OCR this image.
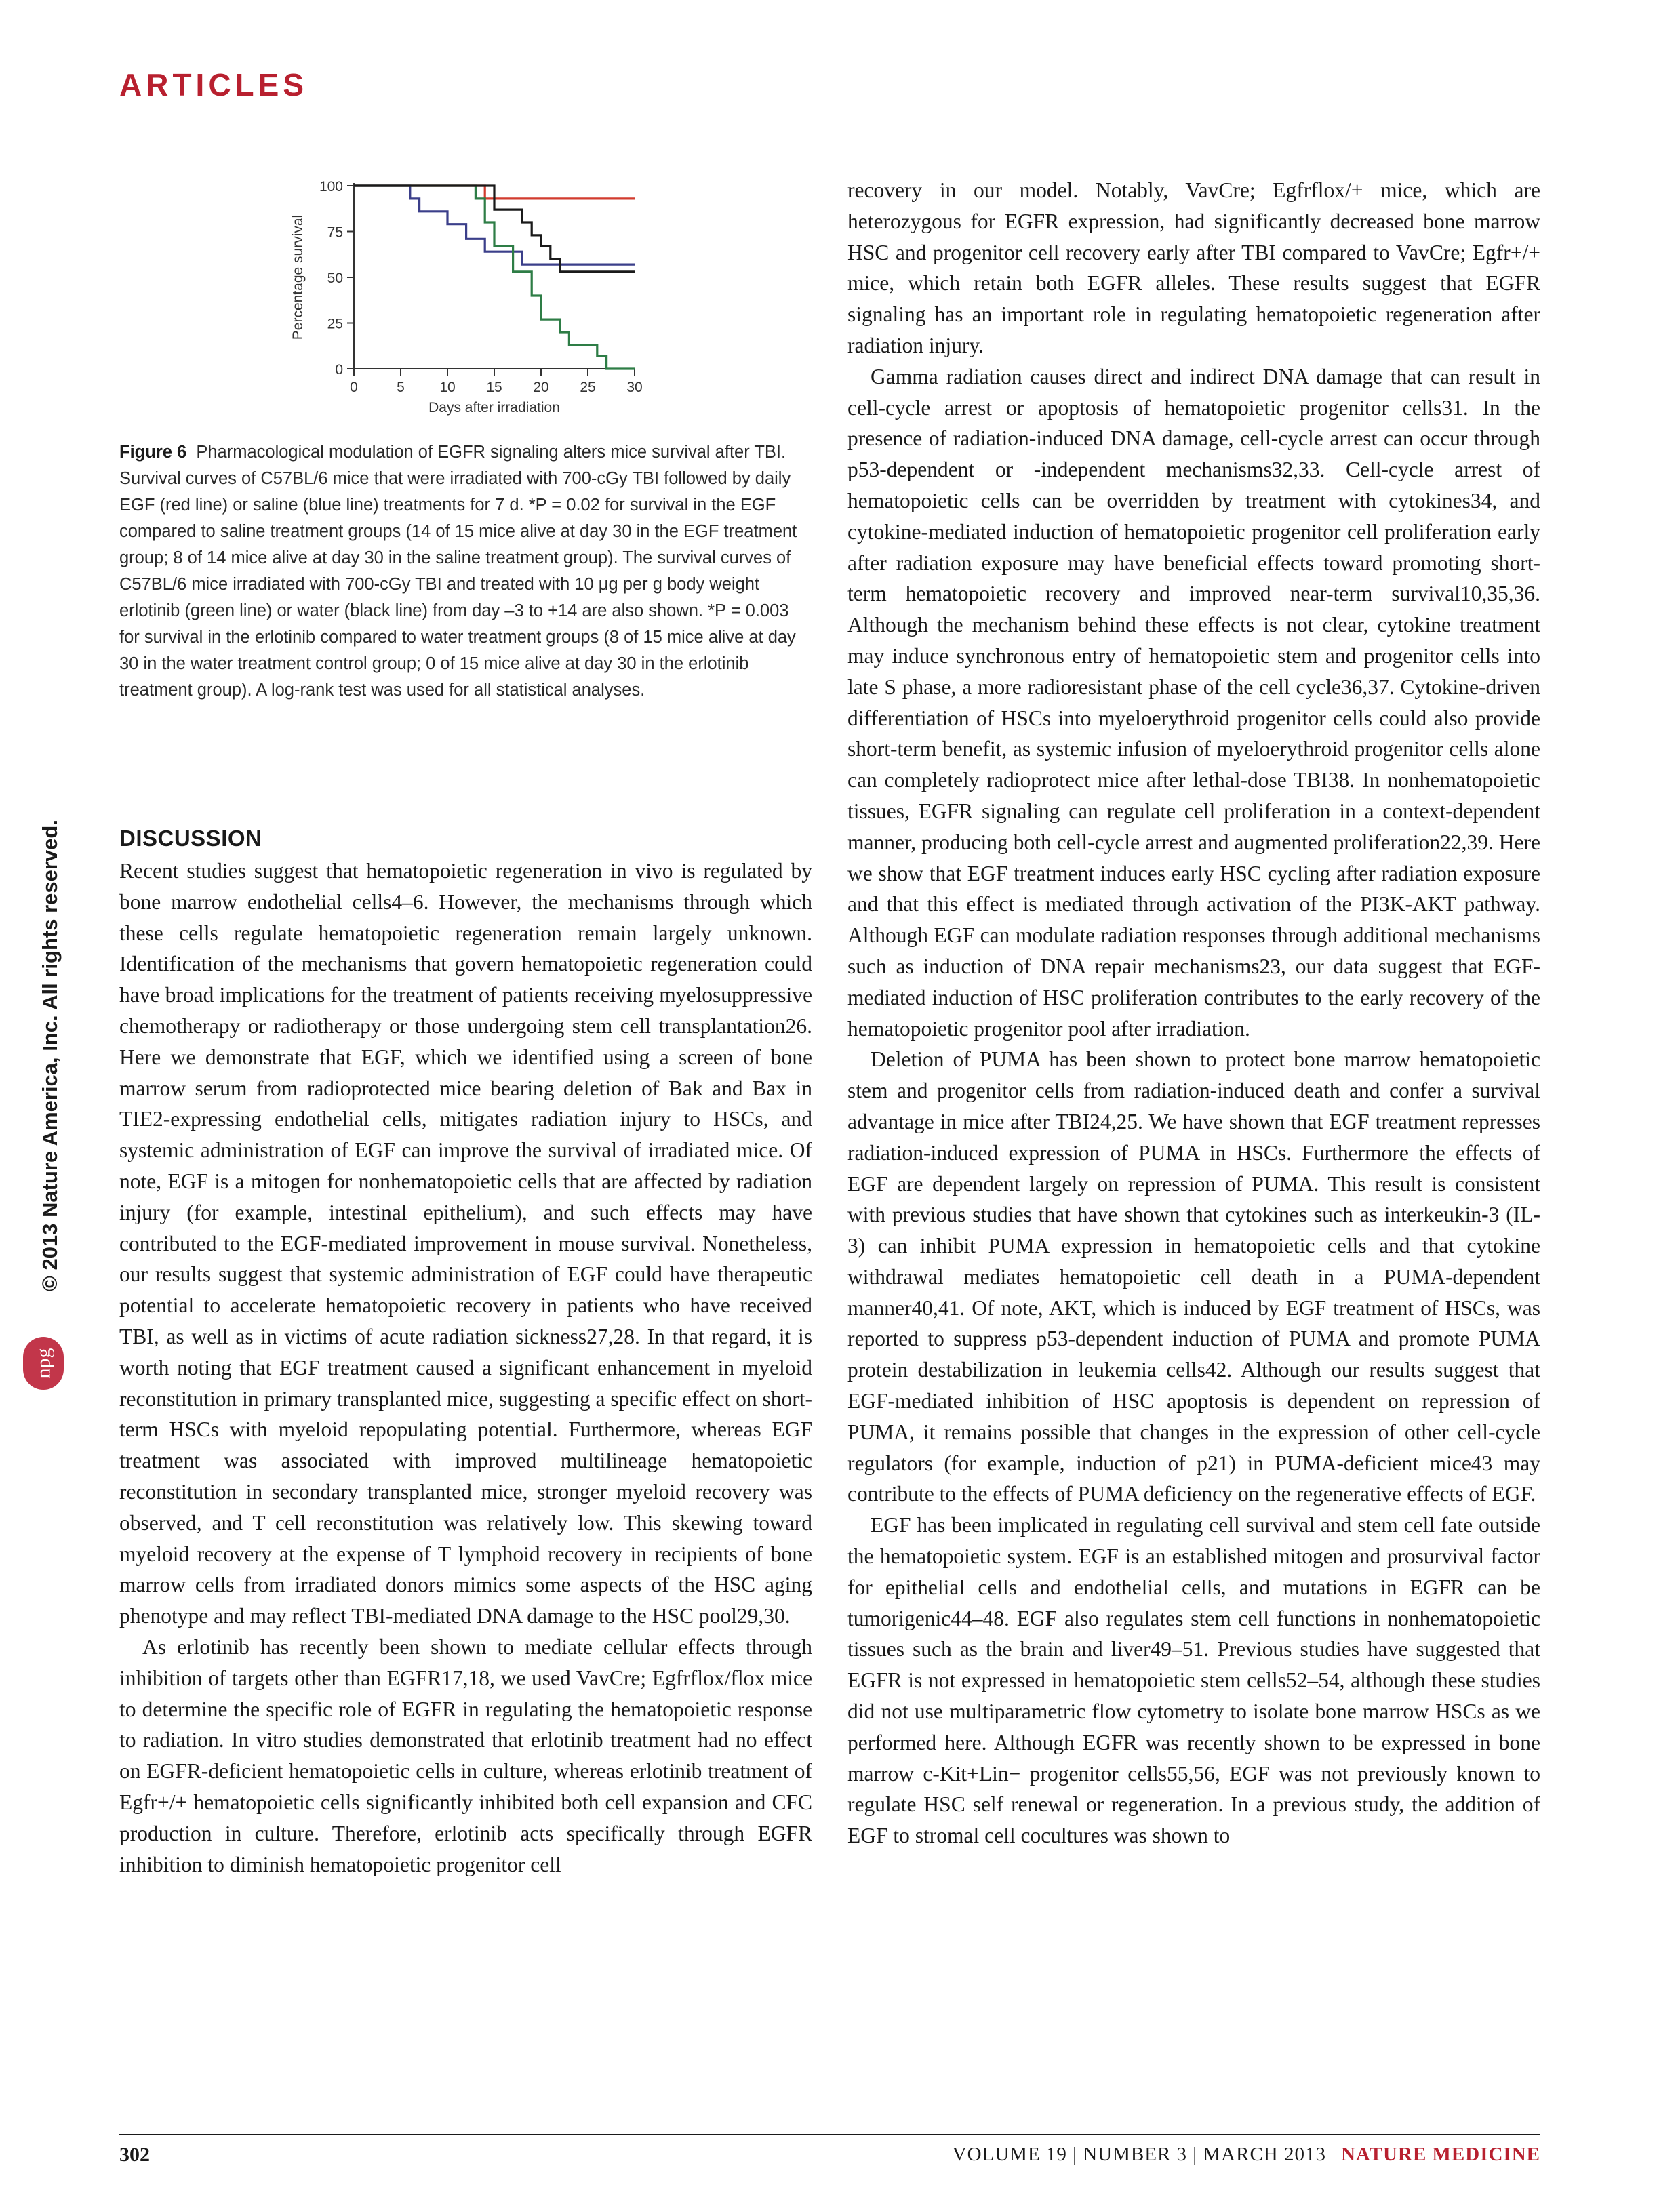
ARTICLES
© 2013 Nature America, Inc. All rights reserved.
npg
0
25
50
75
100
0	5 10 15 20 25 30
Days after irradiation
Percentage survival
Figure 6 Pharmacological modulation of EGFR signaling alters mice survival after TBI. Survival curves of C57BL/6 mice that were irradiated with 700-cGy TBI followed by daily EGF (red line) or saline (blue line) treatments for 7 d. *P = 0.02 for survival in the EGF compared to saline treatment groups (14 of 15 mice alive at day 30 in the EGF treatment group; 8 of 14 mice alive at day 30 in the saline treatment group). The survival curves of C57BL/6 mice irradiated with 700-cGy TBI and treated with 10 μg per g body weight erlotinib (green line) or water (black line) from day –3 to +14 are also shown. *P = 0.003 for survival in the erlotinib compared to water treatment groups (8 of 15 mice alive at day 30 in the water treatment control group; 0 of 15 mice alive at day 30 in the erlotinib treatment group). A log-rank test was used for all statistical analyses.
DISCUSSION

Recent studies suggest that hematopoietic regeneration in vivo is regulated by bone marrow endothelial cells4–6. However, the mechanisms through which these cells regulate hematopoietic regeneration remain largely unknown. Identification of the mechanisms that govern hematopoietic regeneration could have broad implications for the treatment of patients receiving myelosuppressive chemotherapy or radiotherapy or those undergoing stem cell transplantation26. Here we demonstrate that EGF, which we identified using a screen of bone marrow serum from radioprotected mice bearing deletion of Bak and Bax in TIE2-expressing endothelial cells, mitigates radiation injury to HSCs, and systemic administration of EGF can improve the survival of irradiated mice. Of note, EGF is a mitogen for nonhematopoietic cells that are affected by radiation injury (for example, intestinal epithelium), and such effects may have contributed to the EGF-mediated improvement in mouse survival. Nonetheless, our results suggest that systemic administration of EGF could have therapeutic potential to accelerate hematopoietic recovery in patients who have received TBI, as well as in victims of acute radiation sickness27,28. In that regard, it is worth noting that EGF treatment caused a significant enhancement in myeloid reconstitution in primary transplanted mice, suggesting a specific effect on short-term HSCs with myeloid repopulating potential. Furthermore, whereas EGF treatment was associated with improved multilineage hematopoietic reconstitution in secondary transplanted mice, stronger myeloid recovery was observed, and T cell reconstitution was relatively low. This skewing toward myeloid recovery at the expense of T lymphoid recovery in recipients of bone marrow cells from irradiated donors mimics some aspects of the HSC aging phenotype and may reflect TBI-mediated DNA damage to the HSC pool29,30.

As erlotinib has recently been shown to mediate cellular effects through inhibition of targets other than EGFR17,18, we used VavCre; Egfrflox/flox mice to determine the specific role of EGFR in regulating the hematopoietic response to radiation. In vitro studies demonstrated that erlotinib treatment had no effect on EGFR-deficient hematopoietic cells in culture, whereas erlotinib treatment of Egfr+/+ hematopoietic cells significantly inhibited both cell expansion and CFC production in culture. Therefore, erlotinib acts specifically through EGFR inhibition to diminish hematopoietic progenitor cell

recovery in our model. Notably, VavCre; Egfrflox/+ mice, which are heterozygous for EGFR expression, had significantly decreased bone marrow HSC and progenitor cell recovery early after TBI compared to VavCre; Egfr+/+ mice, which retain both EGFR alleles. These results suggest that EGFR signaling has an important role in regulating hematopoietic regeneration after radiation injury.

Gamma radiation causes direct and indirect DNA damage that can result in cell-cycle arrest or apoptosis of hematopoietic progenitor cells31. In the presence of radiation-induced DNA damage, cell-cycle arrest can occur through p53-dependent or -independent mechanisms32,33. Cell-cycle arrest of hematopoietic cells can be overridden by treatment with cytokines34, and cytokine-mediated induction of hematopoietic progenitor cell proliferation early after radiation exposure may have beneficial effects toward promoting short-term hematopoietic recovery and improved near-term survival10,35,36. Although the mechanism behind these effects is not clear, cytokine treatment may induce synchronous entry of hematopoietic stem and progenitor cells into late S phase, a more radioresistant phase of the cell cycle36,37. Cytokine-driven differentiation of HSCs into myeloerythroid progenitor cells could also provide short-term benefit, as systemic infusion of myeloerythroid progenitor cells alone can completely radioprotect mice after lethal-dose TBI38. In nonhematopoietic tissues, EGFR signaling can regulate cell proliferation in a context-dependent manner, producing both cell-cycle arrest and augmented proliferation22,39. Here we show that EGF treatment induces early HSC cycling after radiation exposure and that this effect is mediated through activation of the PI3K-AKT pathway. Although EGF can modulate radiation responses through additional mechanisms such as induction of DNA repair mechanisms23, our data suggest that EGF-mediated induction of HSC proliferation contributes to the early recovery of the hematopoietic progenitor pool after irradiation.

Deletion of PUMA has been shown to protect bone marrow hematopoietic stem and progenitor cells from radiation-induced death and confer a survival advantage in mice after TBI24,25. We have shown that EGF treatment represses radiation-induced expression of PUMA in HSCs. Furthermore the effects of EGF are dependent largely on repression of PUMA. This result is consistent with previous studies that have shown that cytokines such as interkeukin-3 (IL-3) can inhibit PUMA expression in hematopoietic cells and that cytokine withdrawal mediates hematopoietic cell death in a PUMA-dependent manner40,41. Of note, AKT, which is induced by EGF treatment of HSCs, was reported to suppress p53-dependent induction of PUMA and promote PUMA protein destabilization in leukemia cells42. Although our results suggest that EGF-mediated inhibition of HSC apoptosis is dependent on repression of PUMA, it remains possible that changes in the expression of other cell-cycle regulators (for example, induction of p21) in PUMA-deficient mice43 may contribute to the effects of PUMA deficiency on the regenerative effects of EGF.

EGF has been implicated in regulating cell survival and stem cell fate outside the hematopoietic system. EGF is an established mitogen and prosurvival factor for epithelial cells and endothelial cells, and mutations in EGFR can be tumorigenic44–48. EGF also regulates stem cell functions in nonhematopoietic tissues such as the brain and liver49–51. Previous studies have suggested that EGFR is not expressed in hematopoietic stem cells52–54, although these studies did not use multiparametric flow cytometry to isolate bone marrow HSCs as we performed here. Although EGFR was recently shown to be expressed in bone marrow c-Kit+Lin− progenitor cells55,56, EGF was not previously known to regulate HSC self renewal or regeneration. In a previous study, the addition of EGF to stromal cell cocultures was shown to

302	VOLUME 19 | NUMBER 3 | MARCH 2013 NATURE MEDICINE
